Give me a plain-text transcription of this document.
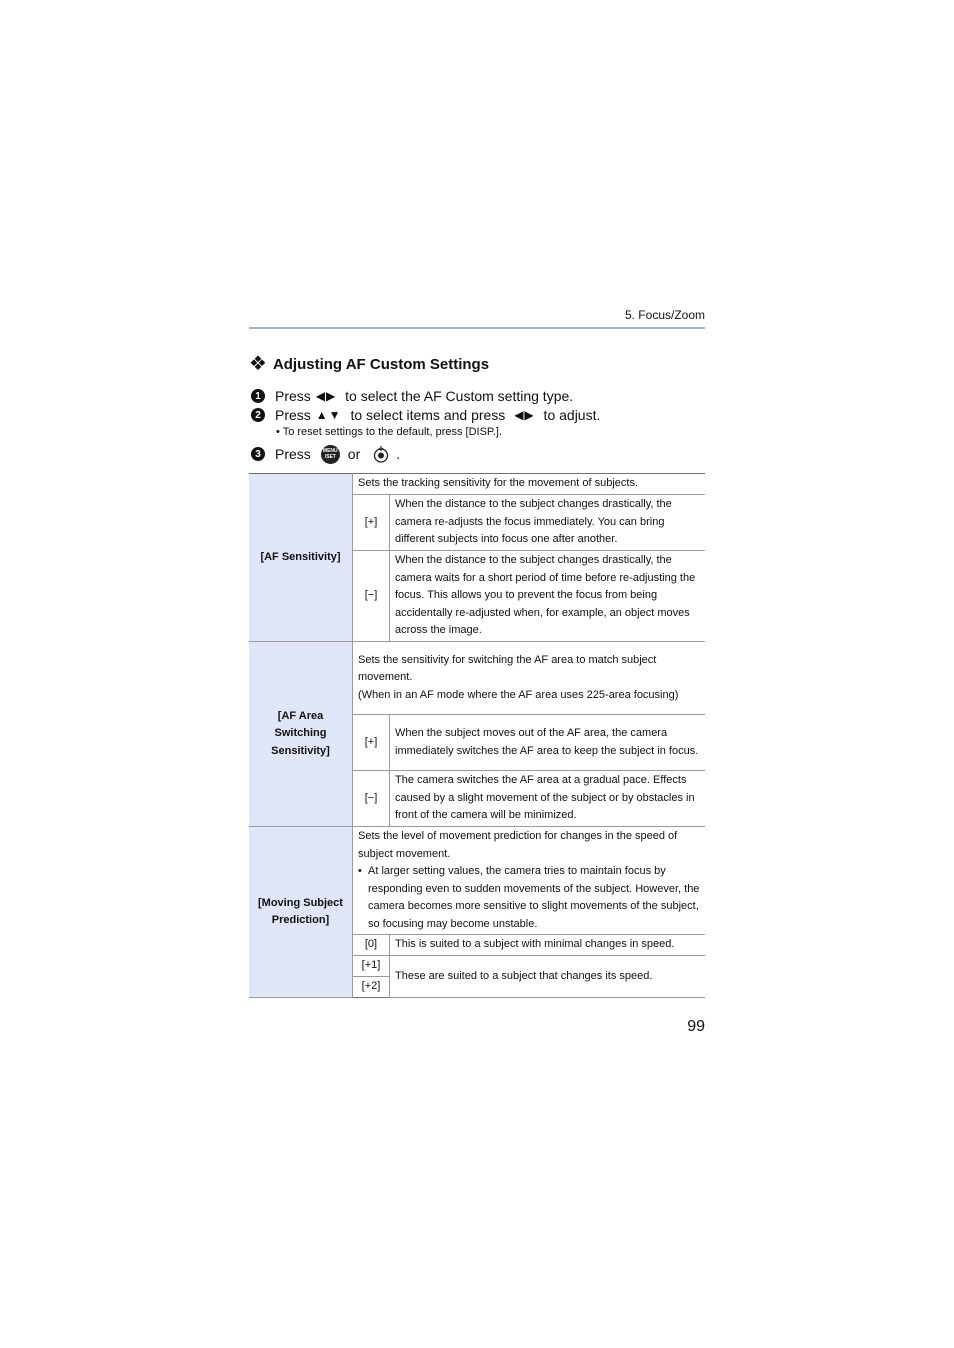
5. Focus/Zoom
❖ Adjusting AF Custom Settings
1	Press ◀▶ to select the AF Custom setting type.
2	Press ▲▼ to select items and press ◀▶ to adjust.
• To reset settings to the default, press [DISP.].
3	Press MENU
/SET or	.
[AF Sensitivity]	Sets the tracking sensitivity for the movement of subjects.	
	[+]	When the distance to the subject changes drastically, the camera re-adjusts the focus immediately. You can bring different subjects into focus one after another.
	[−]	When the distance to the subject changes drastically, the camera waits for a short period of time before re-adjusting the focus. This allows you to prevent the focus from being accidentally re-adjusted when, for example, an object moves across the image.
[AF Area Switching Sensitivity]	Sets the sensitivity for switching the AF area to match subject movement.
(When in an AF mode where the AF area uses 225-area focusing)	

	[+]	When the subject moves out of the AF area, the camera immediately switches the AF area to keep the subject in focus.
	[−]	The camera switches the AF area at a gradual pace. Effects caused by a slight movement of the subject or by obstacles in front of the camera will be minimized.
[Moving Subject Prediction]	Sets the level of movement prediction for changes in the speed of subject movement.
• At larger setting values, the camera tries to maintain focus by responding even to sudden movements of the subject. However, the camera becomes more sensitive to slight movements of the subject, so focusing may become unstable.	

	[0]	This is suited to a subject with minimal changes in speed.
	[+1]	These are suited to a subject that changes its speed.
	[+2]	
99
